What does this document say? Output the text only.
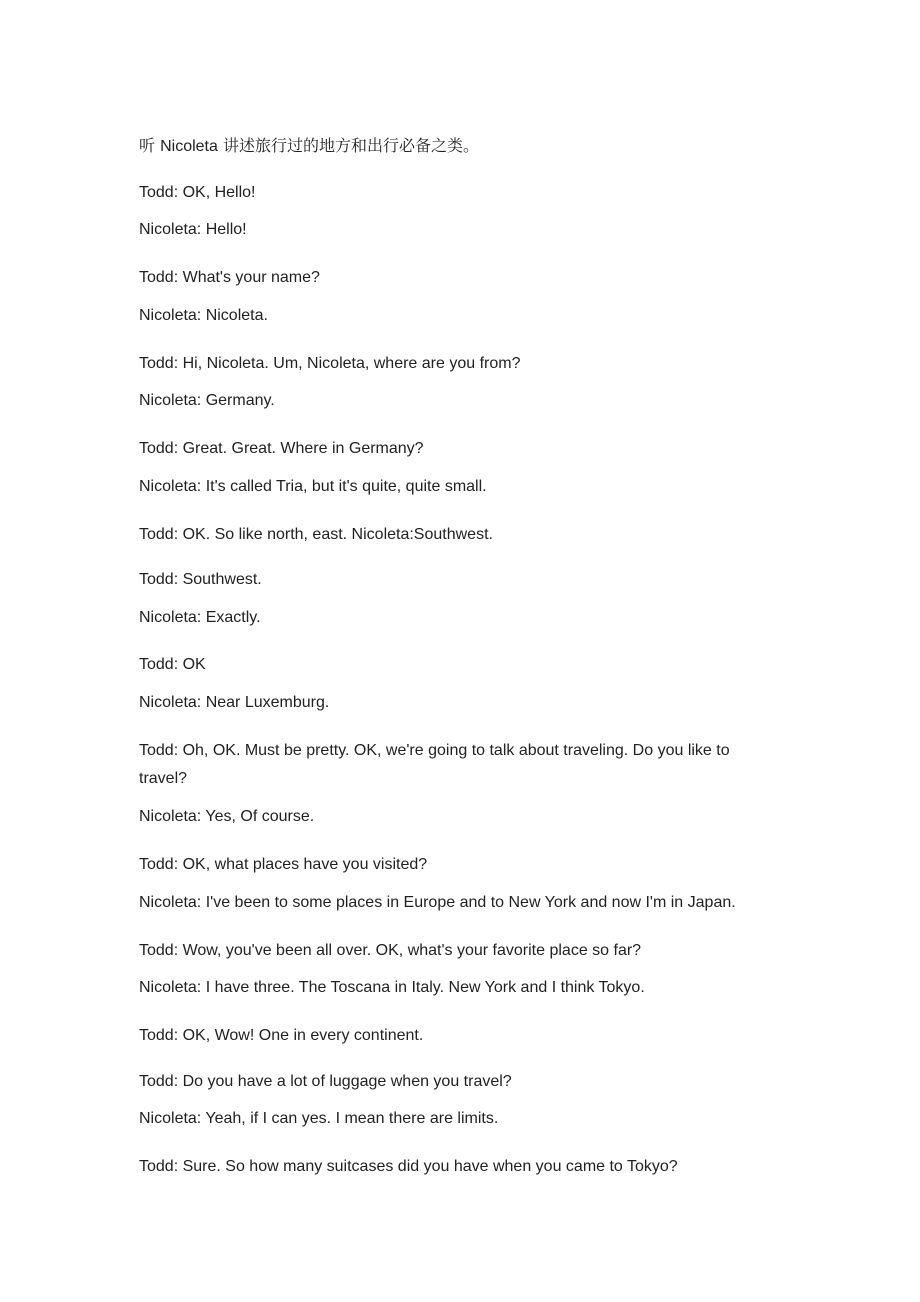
听 Nicoleta 讲述旅行过的地方和出行必备之类。
Todd: OK, Hello!
Nicoleta: Hello!
Todd: What's your name?
Nicoleta: Nicoleta.
Todd: Hi, Nicoleta. Um, Nicoleta, where are you from?
Nicoleta: Germany.
Todd: Great. Great. Where in Germany?
Nicoleta: It's called Tria, but it's quite, quite small.
Todd: OK. So like north, east. Nicoleta:Southwest.
Todd: Southwest.
Nicoleta: Exactly.
Todd: OK
Nicoleta: Near Luxemburg.
Todd: Oh, OK. Must be pretty. OK, we're going to talk about traveling. Do you like to travel?
Nicoleta: Yes, Of course.
Todd: OK, what places have you visited?
Nicoleta: I've been to some places in Europe and to New York and now I'm in Japan.
Todd: Wow, you've been all over. OK, what's your favorite place so far?
Nicoleta: I have three. The Toscana in Italy. New York and I think Tokyo.
Todd: OK, Wow! One in every continent.
Todd: Do you have a lot of luggage when you travel?
Nicoleta: Yeah, if I can yes. I mean there are limits.
Todd: Sure. So how many suitcases did you have when you came to Tokyo?
